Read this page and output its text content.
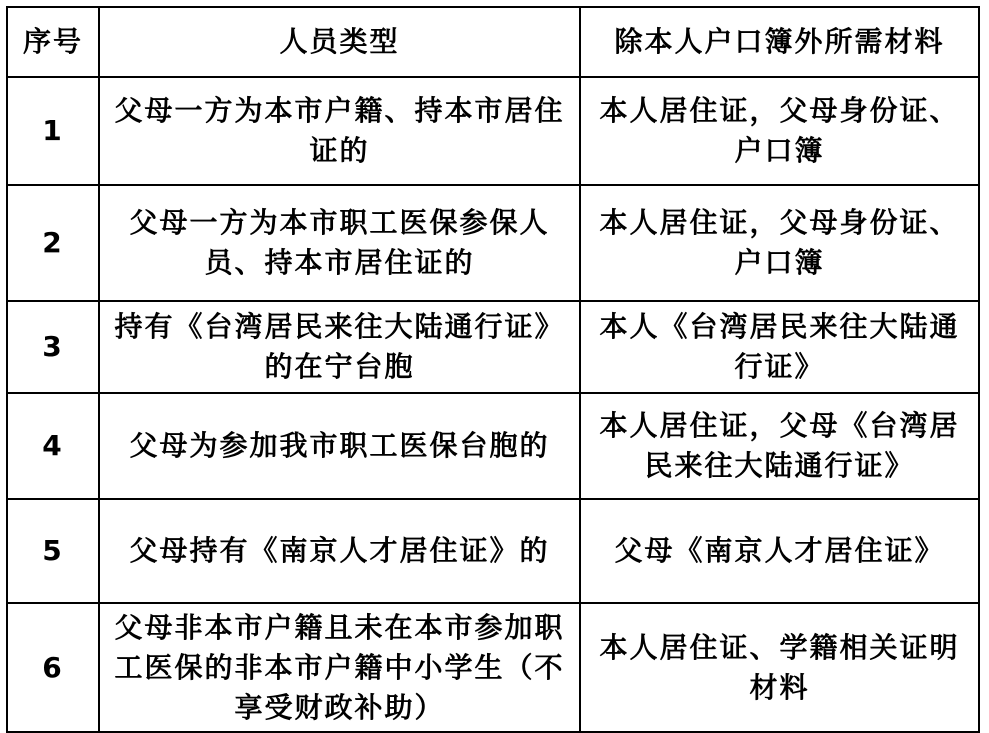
序号	人员类型	除本人户口簿外所需材料
1	父母一方为本市户籍、持本市居住证的	本人居住证，父母身份证、户口簿
2	父母一方为本市职工医保参保人员、持本市居住证的	本人居住证，父母身份证、户口簿
3	持有《台湾居民来往大陆通行证》的在宁台胞	本人《台湾居民来往大陆通行证》
4	父母为参加我市职工医保台胞的	本人居住证，父母《台湾居民来往大陆通行证》
5	父母持有《南京人才居住证》的	父母《南京人才居住证》
6	父母非本市户籍且未在本市参加职工医保的非本市户籍中小学生（不享受财政补助）	本人居住证、学籍相关证明材料
